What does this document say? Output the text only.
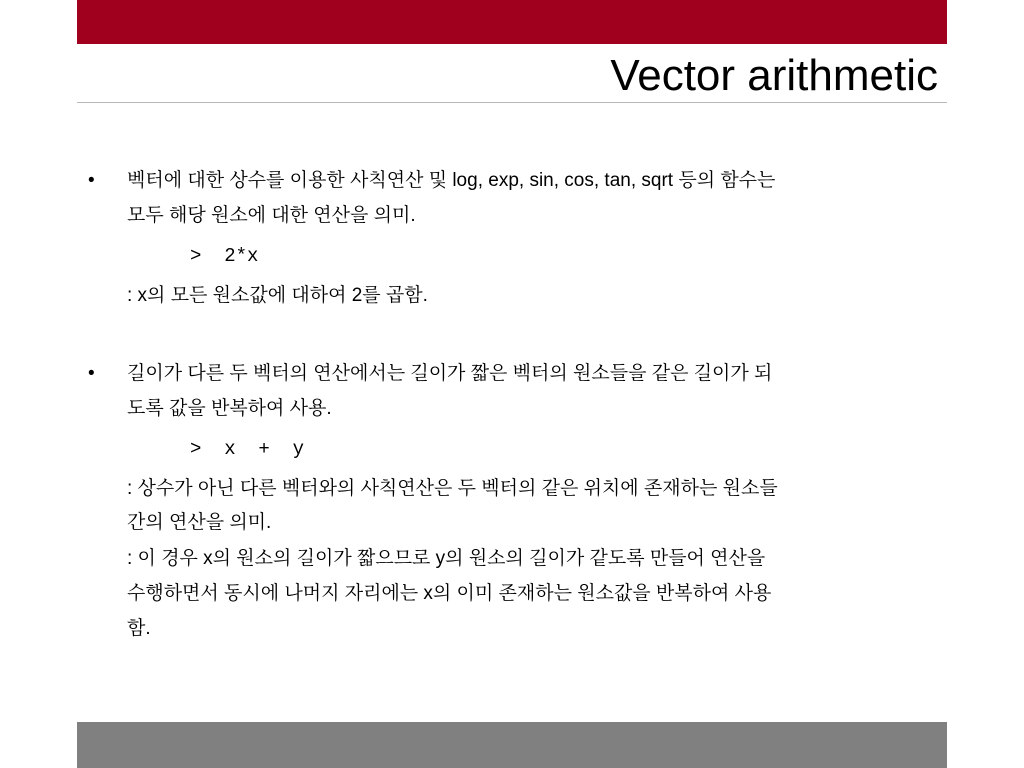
Vector arithmetic
• 벡터에 대한 상수를 이용한 사칙연산 및 log, exp, sin, cos, tan, sqrt 등의 함수는
모두 해당 원소에 대한 연산을 의미.
>  2*x
: x의 모든 원소값에 대하여 2를 곱함.
• 길이가 다른 두 벡터의 연산에서는 길이가 짧은 벡터의 원소들을 같은 길이가 되
도록 값을 반복하여 사용.
>  x  +  y
: 상수가 아닌 다른 벡터와의 사칙연산은 두 벡터의 같은 위치에 존재하는 원소들
간의 연산을 의미.
: 이 경우 x의 원소의 길이가 짧으므로 y의 원소의 길이가 같도록 만들어 연산을
수행하면서 동시에 나머지 자리에는 x의 이미 존재하는 원소값을 반복하여 사용
함.
